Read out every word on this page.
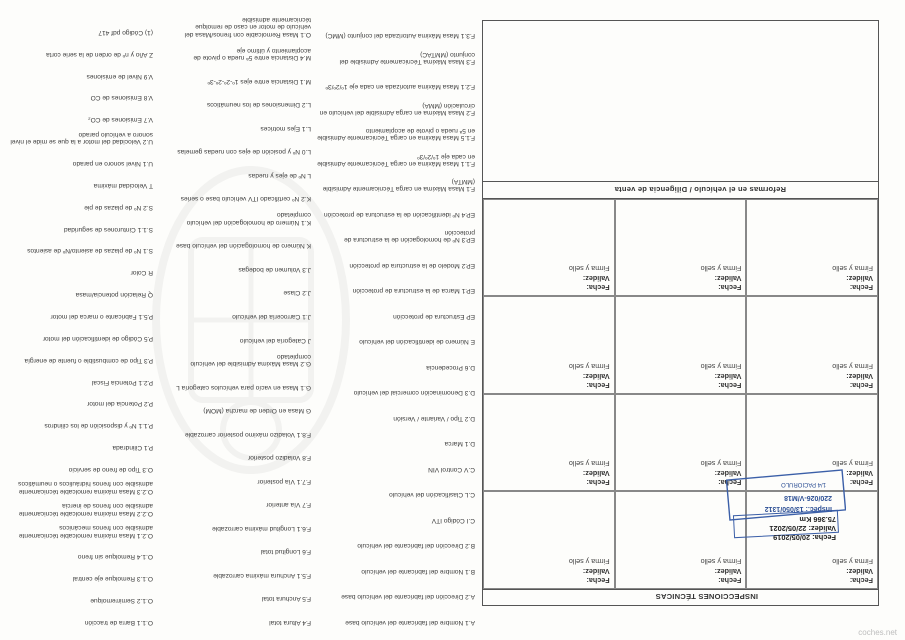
INSPECCIONES TÉCNICAS
Fecha:
Validez:
Firma y sello
Fecha:
Validez:
Firma y sello
Fecha:
Validez:
Firma y sello
Fecha:
Validez:
Firma y sello
Fecha:
Validez:
Firma y sello
Fecha:
Validez:
Firma y sello
Fecha:
Validez:
Firma y sello
Fecha:
Validez:
Firma y sello
Fecha:
Validez:
Firma y sello
Fecha:
Validez:
Firma y sello
Fecha:
Validez:
Firma y sello
Fecha:
Validez:
Firma y sello
Reformas en el vehículo / Diligencia de venta
Fecha: 20/05/2019
Validez: 22/05/2021
75.366 Km
Inspec.: 13/050/1312
220/026-V/M18
1/4 PACIORULO
A.1 Nombre del fabricante del vehículo base
A.2 Dirección del fabricante del vehículo base
B.1 Nombre del fabricante del vehículo
B.2 Dirección del fabricante del vehículo
C.I Código ITV
C.L Clasificación del vehículo
C.V Control VIN
D.1 Marca
D.2 Tipo / Variante / Versión
D.3 Denominación comercial del vehículo
D.6 Procedencia
E Número de identificación del vehículo
EP Estructura de protección
EP.1 Marca de la estructura de protección
EP.2 Modelo de la estructura de protección
EP.3 Nº de homologación de la estructura de protección
EP.4 Nº identificación de la estructura de protección
F.1 Masa Máxima en carga Técnicamente Admisible (MMTA)
F.1.1 Masa Máxima en carga Técnicamente Admisible en cada eje 1º/2º/3º
F.1.5 Masa Máxima en carga Técnicamente Admisible en 5ª rueda o pivote de acoplamiento
F.2 Masa Máxima en carga Admisible del vehículo en circulación (MMA)
F.2.1 Masa Máxima autorizada en cada eje 1º/2º/3º
F.3 Masa Máxima Técnicamente Admisible del conjunto (MMTAC)
F.3.1 Masa Máxima Autorizada del conjunto (MMC)
F.4 Altura total
F.5 Anchura total
F.5.1 Anchura máxima carrozable
F.6 Longitud total
F.6.1 Longitud máxima carrozable
F.7 Vía anterior
F.7.1 Vía posterior
F.8 Voladizo posterior
F.8.1 Voladizo máximo posterior carrozable
G Masa en Orden de marcha (MOM)
G.1 Masa en vacío para vehículos categoría L
G.2 Masa Máxima Admisible del vehículo completado
J Categoría del vehículo
J.1 Carrocería del vehículo
J.2 Clase
J.3 Volumen de bodegas
K Número de homologación del vehículo base
K.1 Número de homologación del vehículo completado
K.2 Nº certificado ITV vehículo base o series
L Nº de ejes y ruedas
L.0 Nº y posición de ejes con ruedas gemelas
L.1 Ejes motrices
L.2 Dimensiones de los neumáticos
M.1 Distancia entre ejes 1º-2º-2º-3º
M.4 Distancia entre 5ª rueda o pivote de acoplamiento y último eje
O.1 Masa Remolcable con frenos/Masa del vehículo de motor en caso de remolque técnicamente admisible
O.1.1 Barra de tracción
O.1.2 Semirremolque
O.1.3 Remolque eje central
O.1.4 Remolque sin freno
O.2.1 Masa máxima remolcable técnicamente admisible con frenos mecánicos
O.2.2 Masa máxima remolcable técnicamente admisible con frenos de inercia
O.2.3 Masa máxima remolcable técnicamente admisible con frenos hidráulicos o neumáticos
O.3 Tipo de freno de servicio
P.1 Cilindrada
P.1.1 Nº y disposición de los cilindros
P.2 Potencia del motor
P.2.1 Potencia Fiscal
P.3 Tipo de combustible o fuente de energía
P.5 Código de identificación del motor
P.5.1 Fabricante o marca del motor
Q Relación potencia/masa
R Color
S.1 Nº de plazas de asiento/Nº de asientos
S.1.1 Cinturones de seguridad
S.2 Nº de plazas de pie
T Velocidad máxima
U.1 Nivel sonoro en parado
U.2 Velocidad del motor a la que se mide el nivel sonoro a vehículo parado
V.7 Emisiones de CO₂
V.8 Emisiones de CO
V.9 Nivel de emisiones
Z Año y nº de orden de la serie corta
(1) Código pdf 417
coches.net
